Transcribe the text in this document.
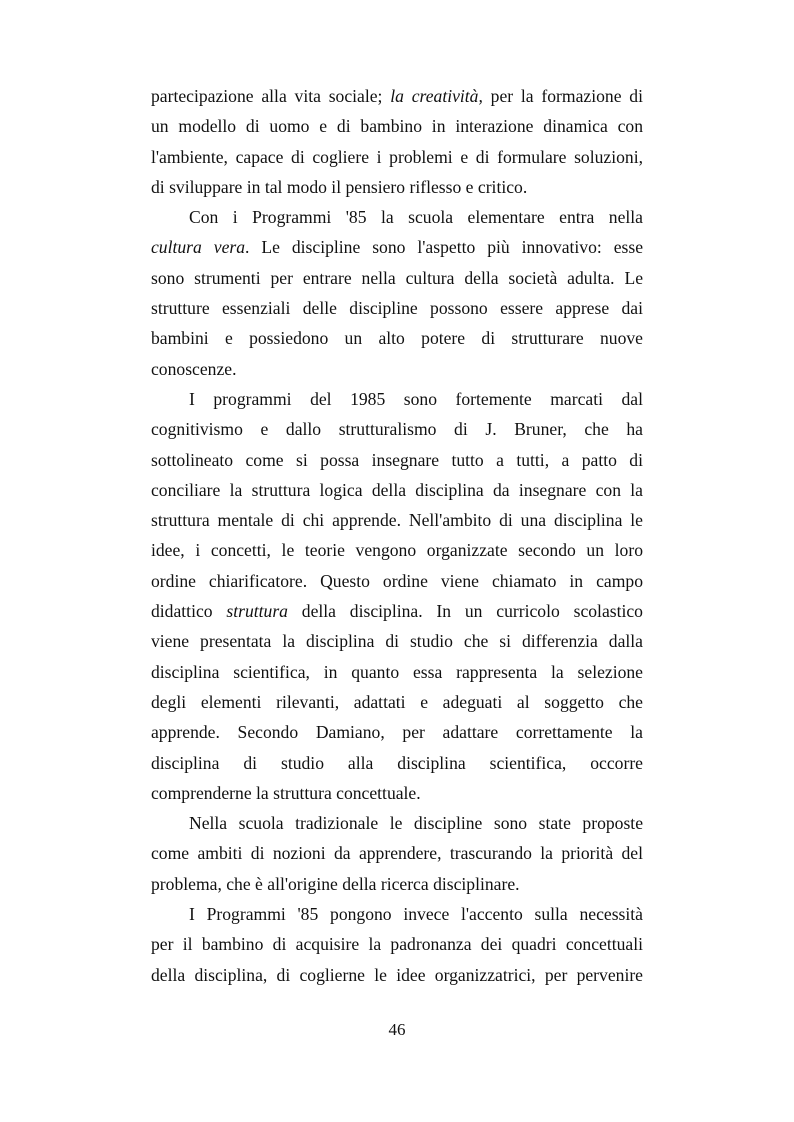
partecipazione alla vita sociale; la creatività, per la formazione di
un modello di uomo e di bambino in interazione dinamica con
l'ambiente, capace di cogliere i problemi e di formulare soluzioni,
di sviluppare in tal modo il pensiero riflesso e critico.
Con i Programmi '85 la scuola elementare entra nella
cultura vera. Le discipline sono l'aspetto più innovativo: esse
sono strumenti per entrare nella cultura della società adulta. Le
strutture essenziali delle discipline possono essere apprese dai
bambini e possiedono un alto potere di strutturare nuove
conoscenze.
I programmi del 1985 sono fortemente marcati dal
cognitivismo e dallo strutturalismo di J. Bruner, che ha
sottolineato come si possa insegnare tutto a tutti, a patto di
conciliare la struttura logica della disciplina da insegnare con la
struttura mentale di chi apprende. Nell'ambito di una disciplina le
idee, i concetti, le teorie vengono organizzate secondo un loro
ordine chiarificatore. Questo ordine viene chiamato in campo
didattico struttura della disciplina. In un curricolo scolastico
viene presentata la disciplina di studio che si differenzia dalla
disciplina scientifica, in quanto essa rappresenta la selezione
degli elementi rilevanti, adattati e adeguati al soggetto che
apprende. Secondo Damiano, per adattare correttamente la
disciplina di studio alla disciplina scientifica, occorre
comprenderne la struttura concettuale.
Nella scuola tradizionale le discipline sono state proposte
come ambiti di nozioni da apprendere, trascurando la priorità del
problema, che è all'origine della ricerca disciplinare.
I Programmi '85 pongono invece l'accento sulla necessità
per il bambino di acquisire la padronanza dei quadri concettuali
della disciplina, di coglierne le idee organizzatrici, per pervenire
46
